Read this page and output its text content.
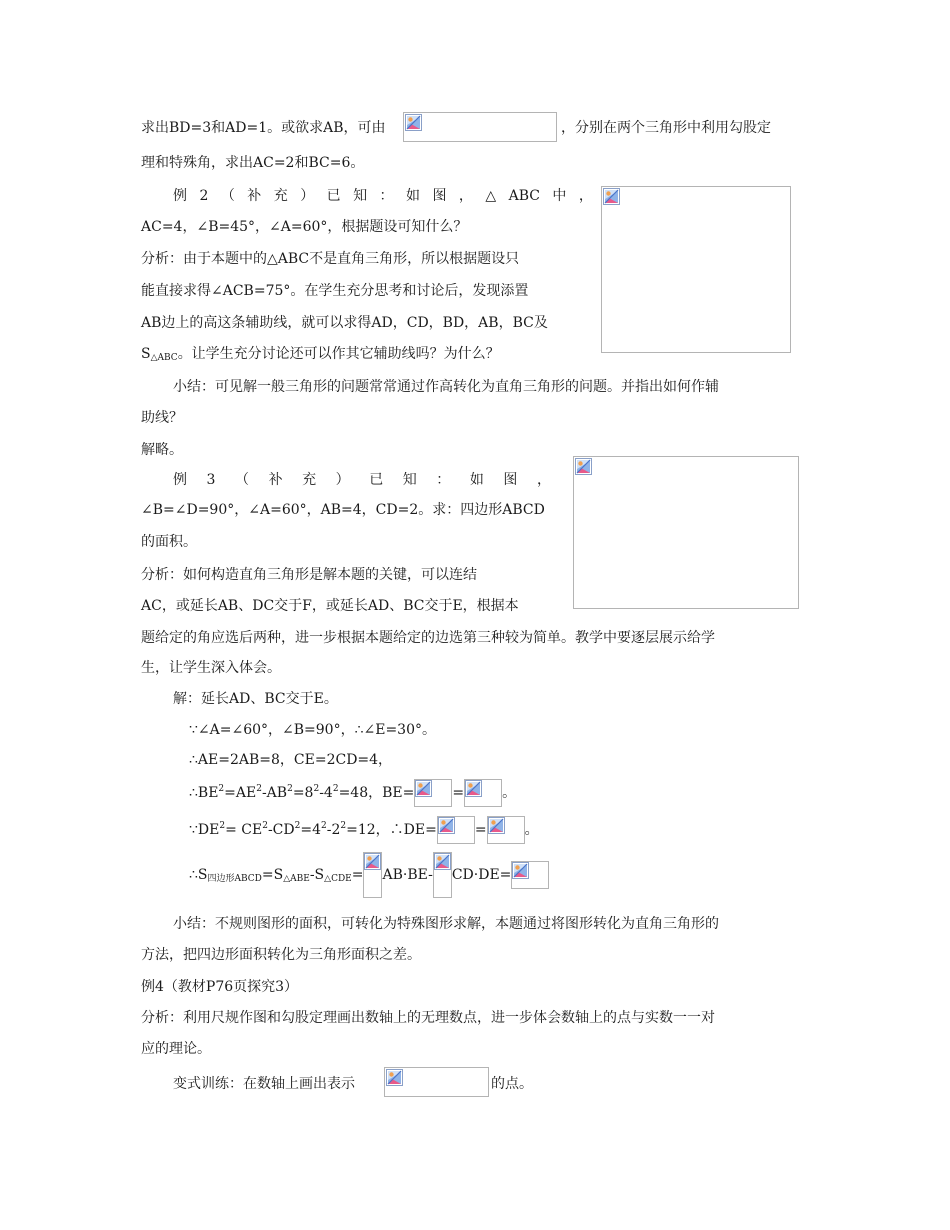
求出BD=3和AD=1。或欲求AB，可由	，分别在两个三角形中利用勾股定
理和特殊角，求出AC=2和BC=6。
例 2 （ 补 充 ） 已 知 ： 如 图 ， △ ABC 中 ，
AC=4，∠B=45°，∠A=60°，根据题设可知什么？
分析：由于本题中的△ABC不是直角三角形，所以根据题设只
能直接求得∠ACB=75°。在学生充分思考和讨论后，发现添置
AB边上的高这条辅助线，就可以求得AD，CD，BD，AB，BC及
$S_{\triangle ABC}$。让学生充分讨论还可以作其它辅助线吗？为什么？
小结：可见解一般三角形的问题常常通过作高转化为直角三角形的问题。并指出如何作辅
助线？
解略。
例 3 （ 补 充 ） 已 知 ： 如 图 ，
∠B=∠D=90°，∠A=60°，AB=4，CD=2。求：四边形ABCD
的面积。
分析：如何构造直角三角形是解本题的关键，可以连结
AC，或延长AB、DC交于F，或延长AD、BC交于E，根据本
题给定的角应选后两种，进一步根据本题给定的边选第三种较为简单。教学中要逐层展示给学
生，让学生深入体会。
解：延长AD、BC交于E。
∵∠A=∠60°，∠B=90°，∴∠E=30°。
∴AE=2AB=8，CE=2CD=4，
$\therefore BE^2=AE^2-AB^2=8^2-4^2=48$，BE=	=	。
$\because DE^2= CE^2-CD^2=4^2-2^2=12$，∴DE=	=	。
$\therefore S_{四边形ABCD}=S_{\triangle ABE}-S_{\triangle CDE}= AB\cdot BE-$ CD·DE=
小结：不规则图形的面积，可转化为特殊图形求解，本题通过将图形转化为直角三角形的
方法，把四边形面积转化为三角形面积之差。
例4（教材P76页探究3）
分析：利用尺规作图和勾股定理画出数轴上的无理数点，进一步体会数轴上的点与实数一一对
应的理论。
变式训练：在数轴上画出表示	的点。
